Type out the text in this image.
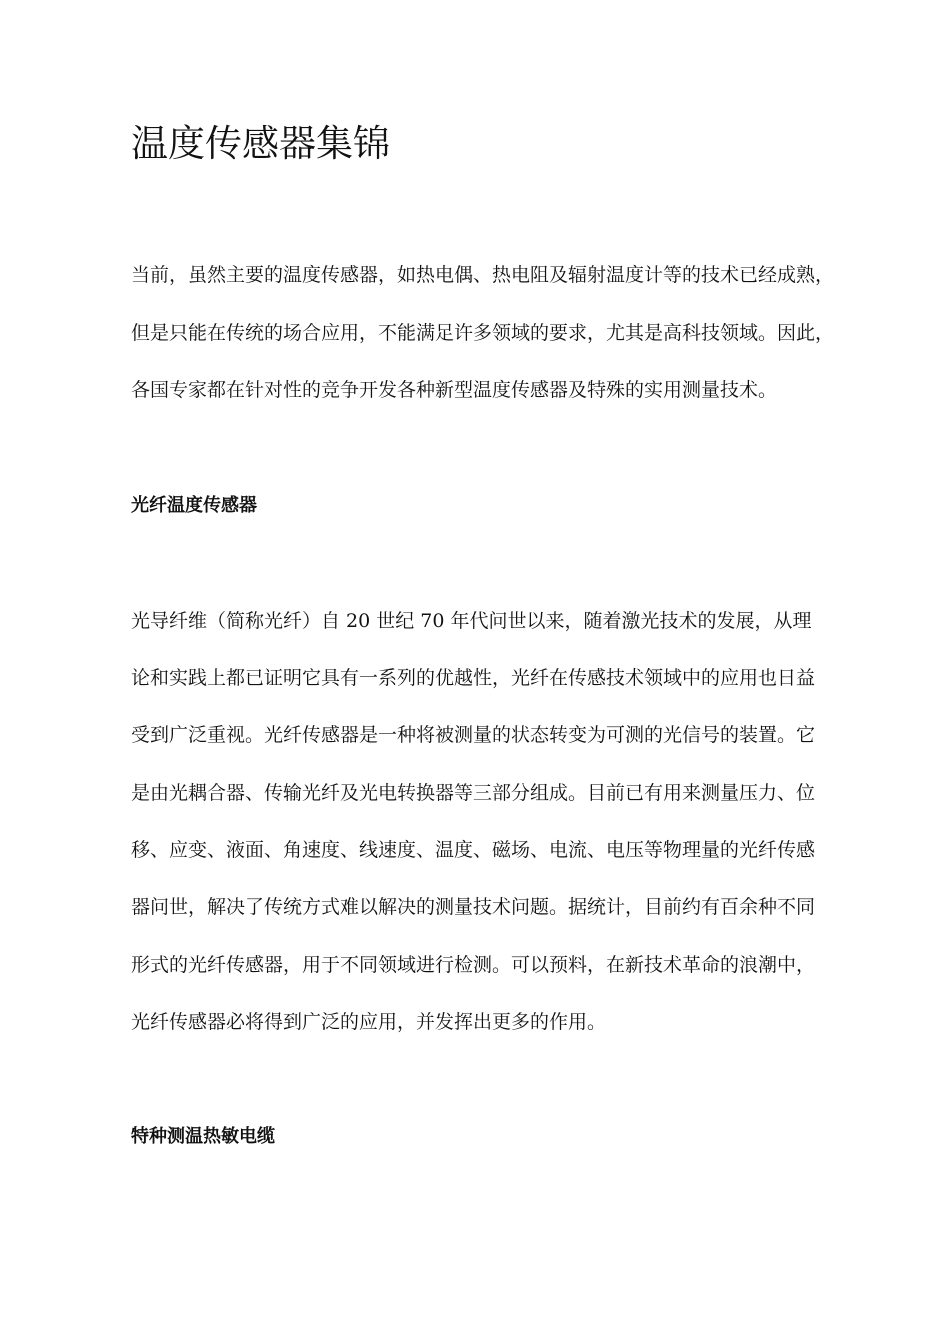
温度传感器集锦

当前，虽然主要的温度传感器，如热电偶、热电阻及辐射温度计等的技术已经成熟，

但是只能在传统的场合应用，不能满足许多领域的要求，尤其是高科技领域。因此，

各国专家都在针对性的竞争开发各种新型温度传感器及特殊的实用测量技术。

光纤温度传感器

光导纤维（简称光纤）自 20 世纪 70 年代问世以来，随着激光技术的发展，从理

论和实践上都已证明它具有一系列的优越性，光纤在传感技术领域中的应用也日益

受到广泛重视。光纤传感器是一种将被测量的状态转变为可测的光信号的装置。它

是由光耦合器、传输光纤及光电转换器等三部分组成。目前已有用来测量压力、位

移、应变、液面、角速度、线速度、温度、磁场、电流、电压等物理量的光纤传感

器问世，解决了传统方式难以解决的测量技术问题。据统计，目前约有百余种不同

形式的光纤传感器，用于不同领域进行检测。可以预料，在新技术革命的浪潮中，

光纤传感器必将得到广泛的应用，并发挥出更多的作用。

特种测温热敏电缆
